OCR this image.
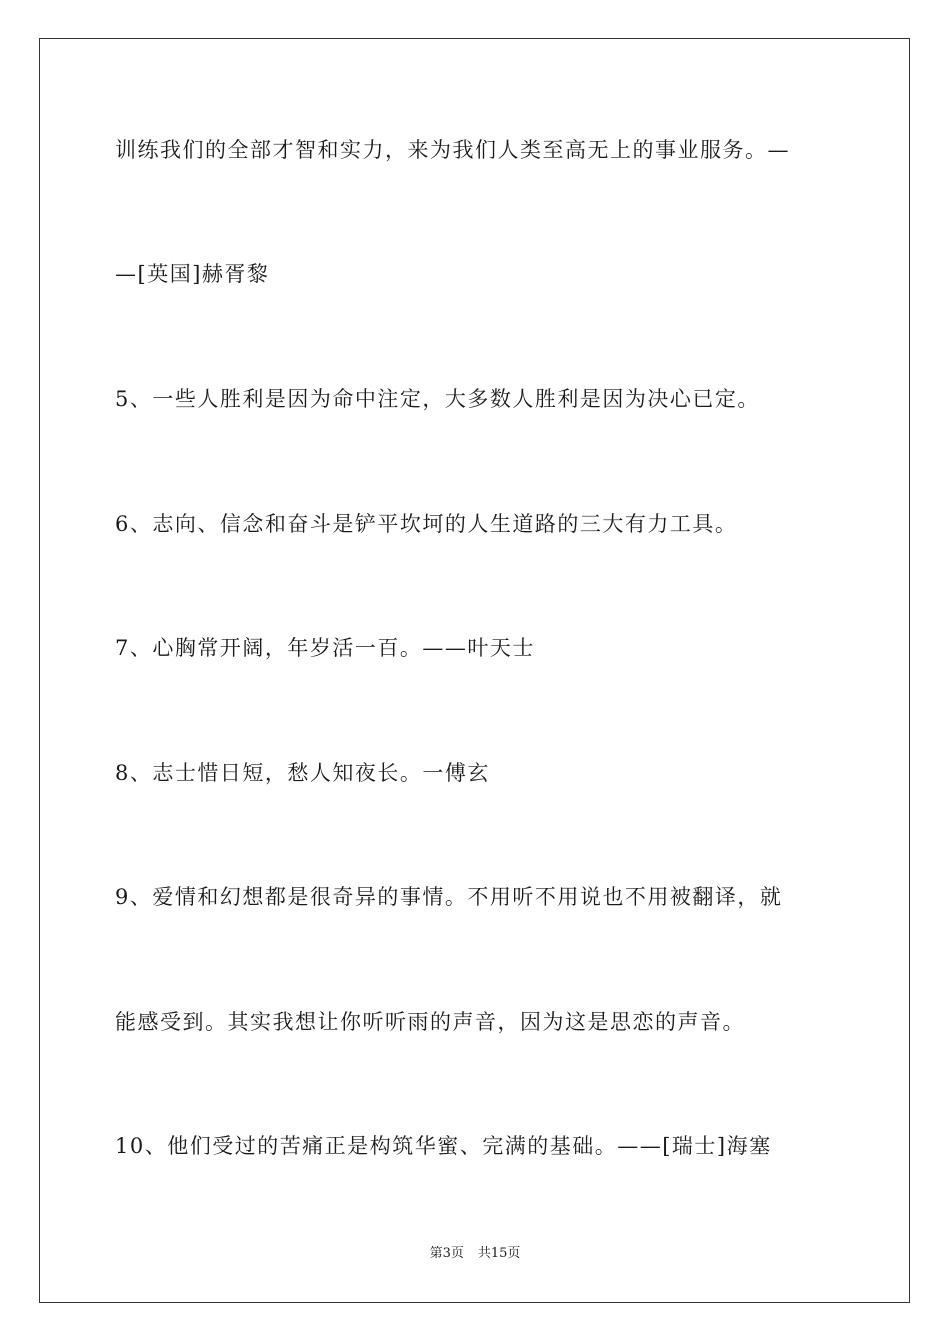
训练我们的全部才智和实力，来为我们人类至高无上的事业服务。—
—[英国]赫胥黎
5、一些人胜利是因为命中注定，大多数人胜利是因为决心已定。
6、志向、信念和奋斗是铲平坎坷的人生道路的三大有力工具。
7、心胸常开阔，年岁活一百。——叶天士
8、志士惜日短，愁人知夜长。一傅玄
9、爱情和幻想都是很奇异的事情。不用听不用说也不用被翻译，就
能感受到。其实我想让你听听雨的声音，因为这是思恋的声音。
10、他们受过的苦痛正是构筑华蜜、完满的基础。——[瑞士]海塞
第3页 共15页
